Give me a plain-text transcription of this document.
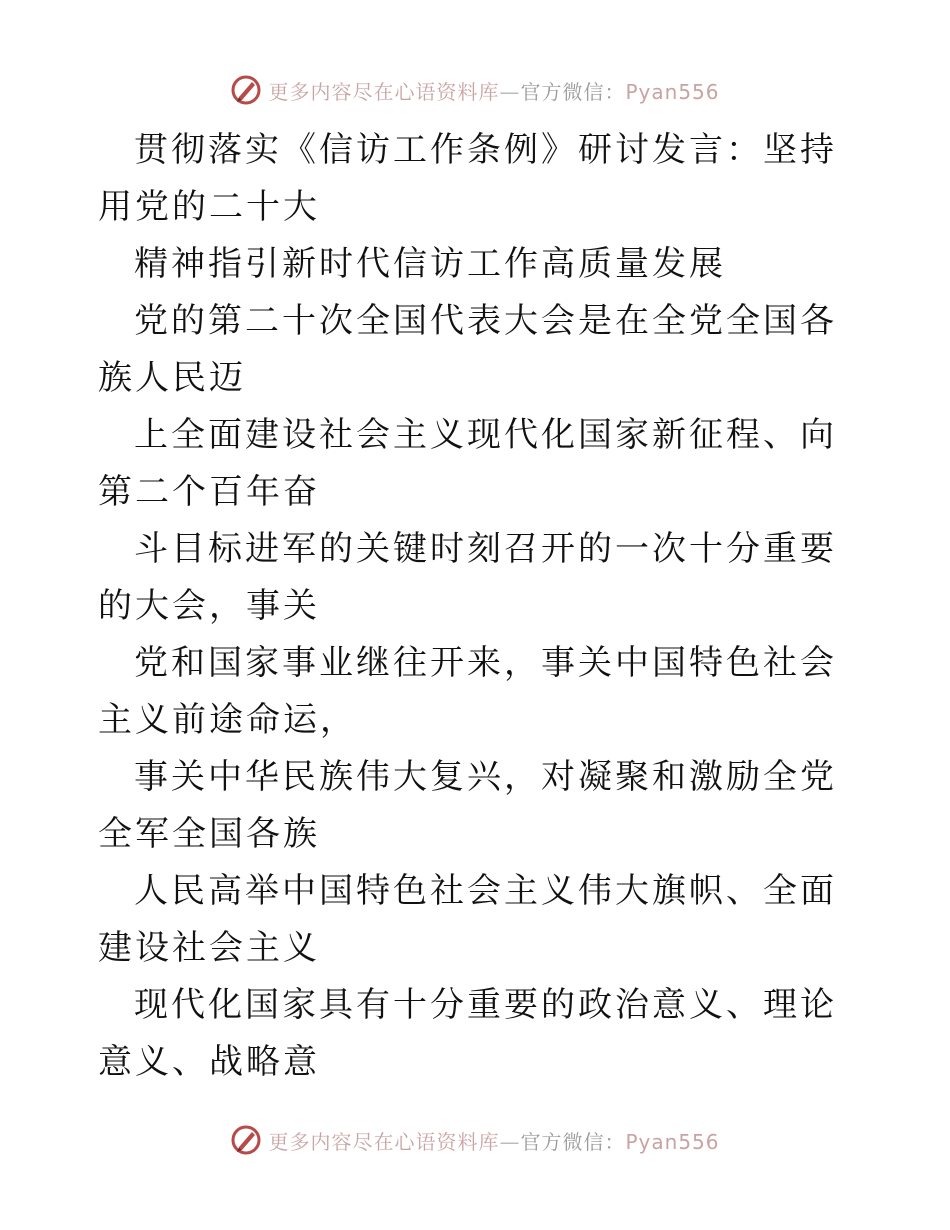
更多内容尽在心语资料库—官方微信：Pyan556

贯彻落实《信访工作条例》研讨发言：坚持用党的二十大

精神指引新时代信访工作高质量发展

党的第二十次全国代表大会是在全党全国各族人民迈

上全面建设社会主义现代化国家新征程、向第二个百年奋

斗目标进军的关键时刻召开的一次十分重要的大会，事关

党和国家事业继往开来，事关中国特色社会主义前途命运，

事关中华民族伟大复兴，对凝聚和激励全党全军全国各族

人民高举中国特色社会主义伟大旗帜、全面建设社会主义

现代化国家具有十分重要的政治意义、理论意义、战略意

更多内容尽在心语资料库—官方微信：Pyan556
